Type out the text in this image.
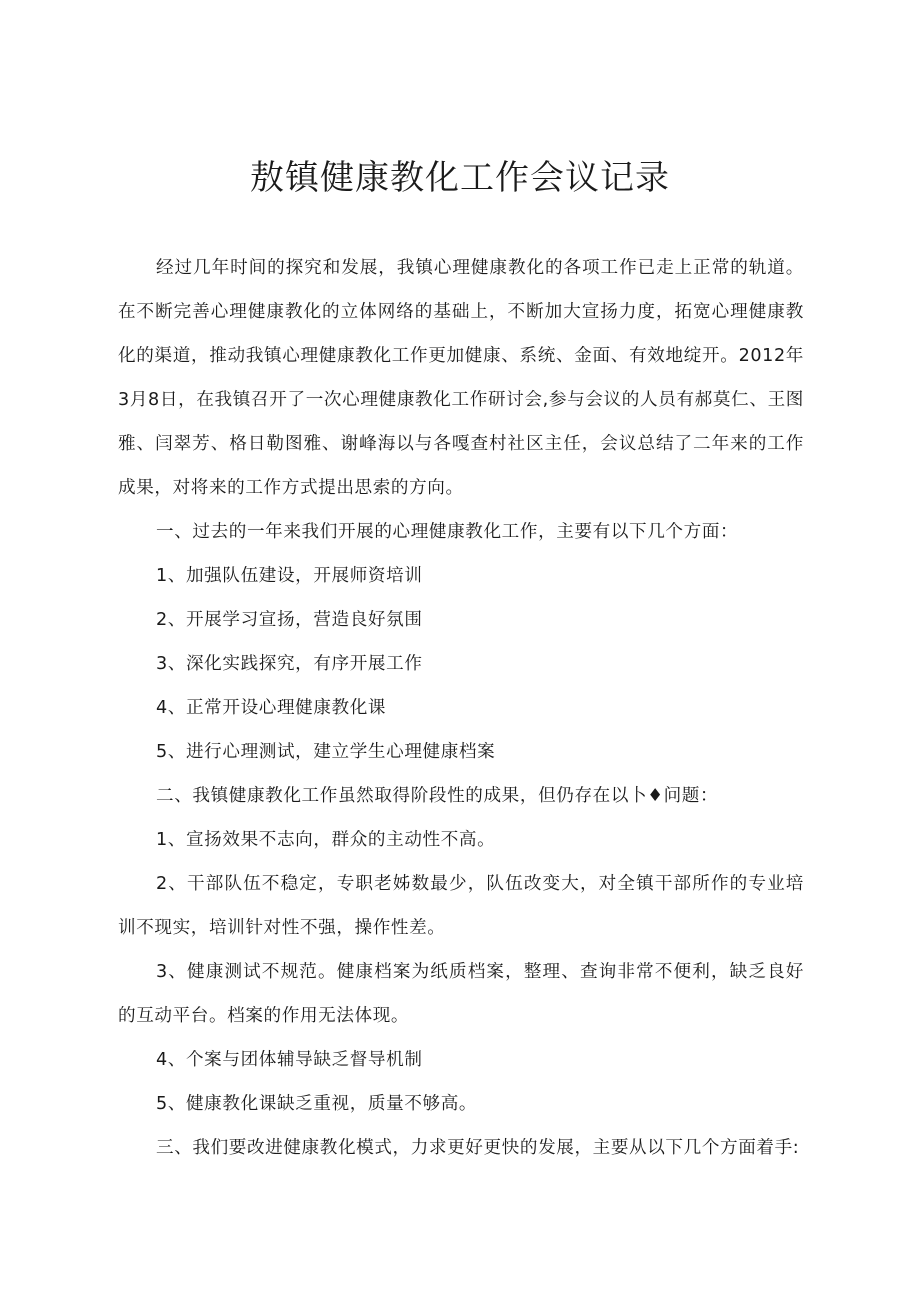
敖镇健康教化工作会议记录

经过几年时间的探究和发展，我镇心理健康教化的各项工作已走上正常的轨道。在不断完善心理健康教化的立体网络的基础上，不断加大宣扬力度，拓宽心理健康教化的渠道，推动我镇心理健康教化工作更加健康、系统、金面、有效地绽开。2012年3月8日，在我镇召开了一次心理健康教化工作研讨会,参与会议的人员有郝莫仁、王图雅、闫翠芳、格日勒图雅、谢峰海以与各嘎查村社区主任，会议总结了二年来的工作成果，对将来的工作方式提出思索的方向。

一、过去的一年来我们开展的心理健康教化工作，主要有以下几个方面：

1、加强队伍建设，开展师资培训

2、开展学习宣扬，营造良好氛围

3、深化实践探究，有序开展工作

4、正常开设心理健康教化课

5、进行心理测试，建立学生心理健康档案

二、我镇健康教化工作虽然取得阶段性的成果，但仍存在以卜♦问题：

1、宣扬效果不志向，群众的主动性不高。

2、干部队伍不稳定，专职老姊数最少，队伍改变大，对全镇干部所作的专业培训不现实，培训针对性不强，操作性差。

3、健康测试不规范。健康档案为纸质档案，整理、查询非常不便利，缺乏良好的互动平台。档案的作用无法体现。

4、个案与团体辅导缺乏督导机制

5、健康教化课缺乏重视，质量不够高。

三、我们要改进健康教化模式，力求更好更快的发展，主要从以下几个方面着手:
